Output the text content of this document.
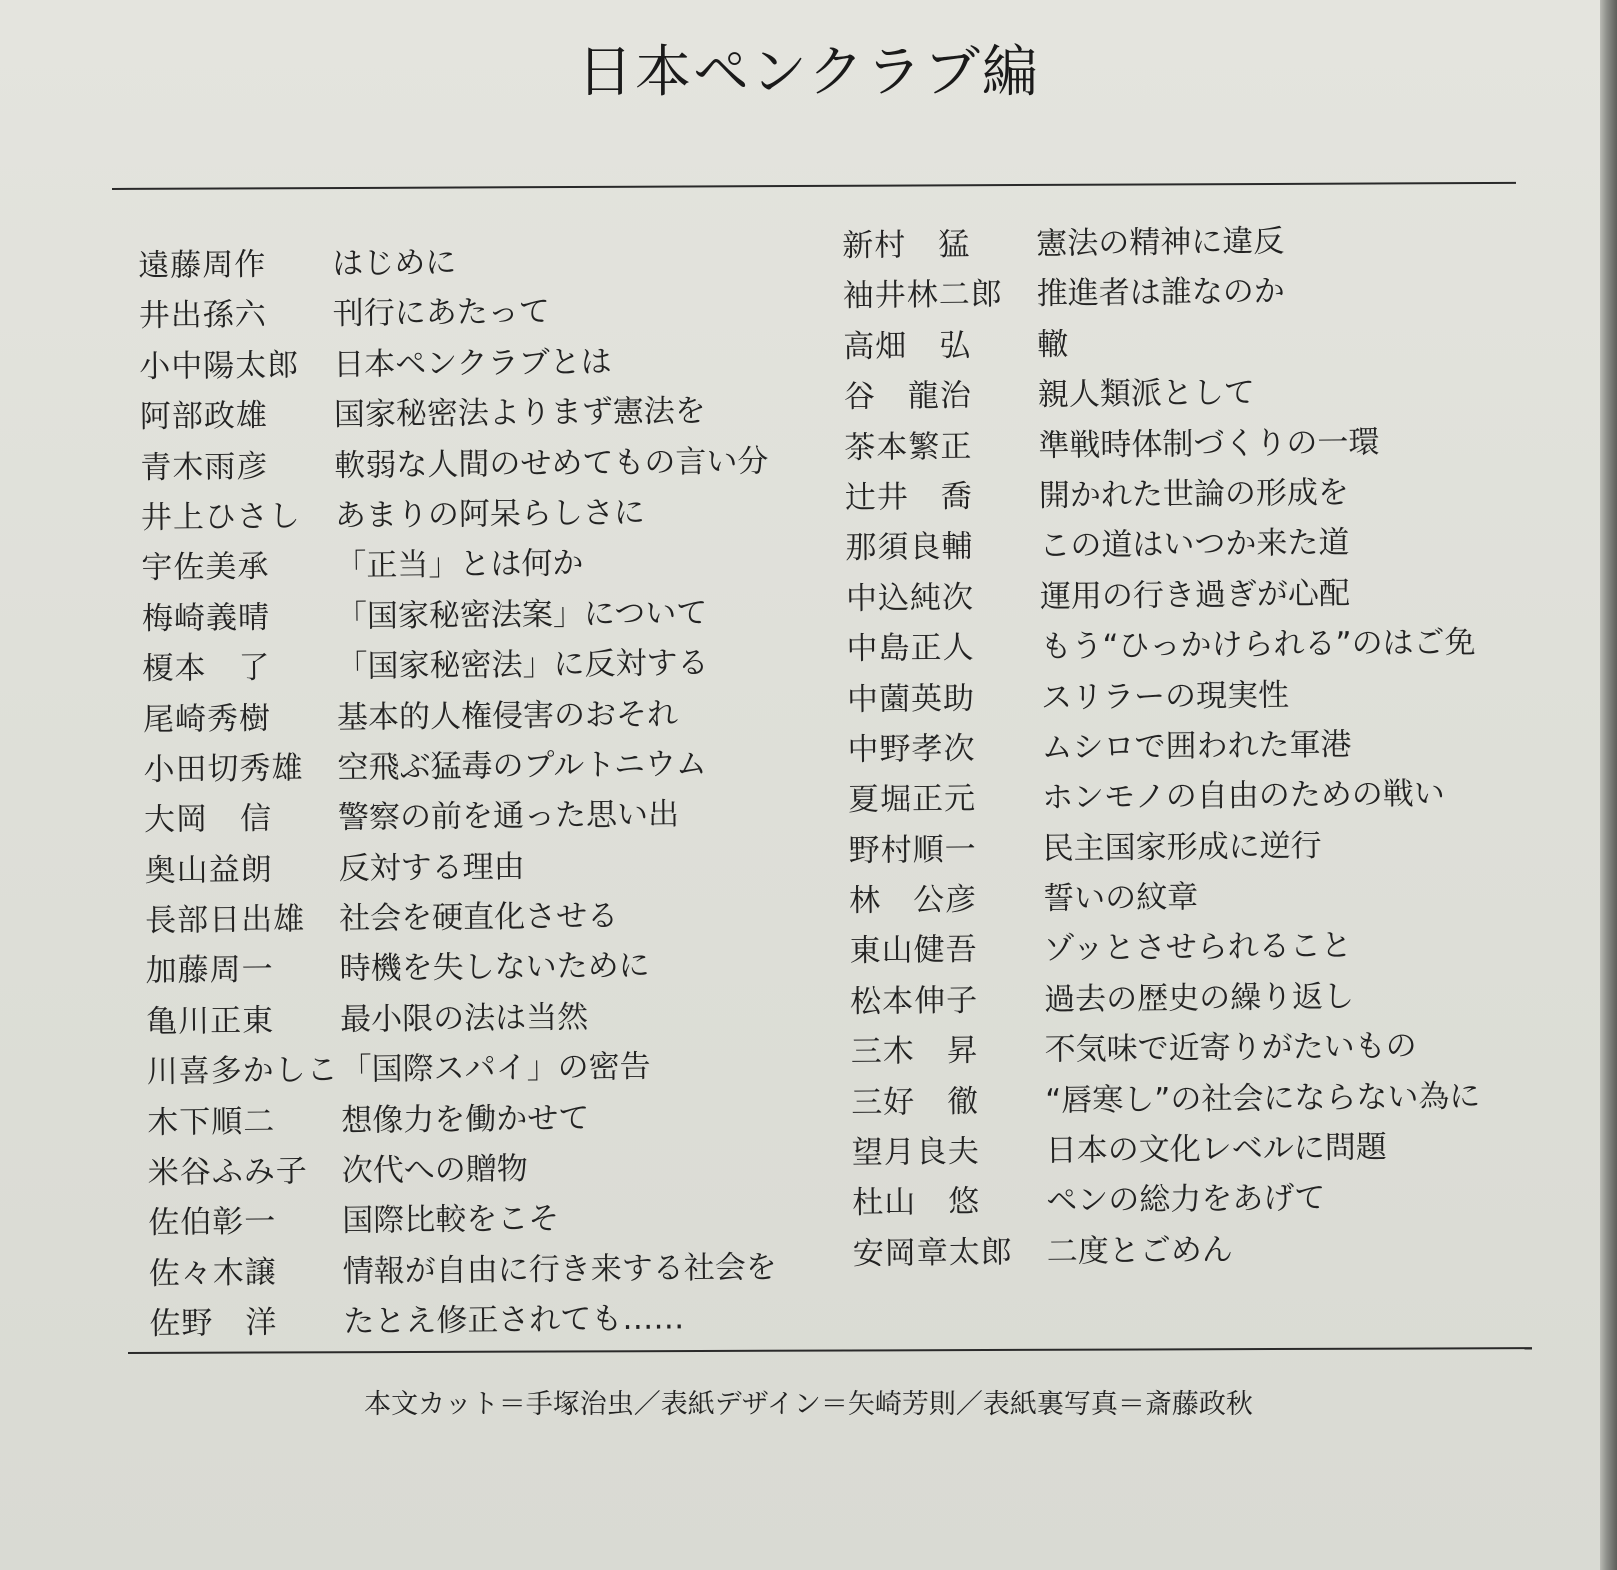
日本ペンクラブ編
遠藤周作	はじめに
井出孫六	刊行にあたって
小中陽太郎 日本ペンクラブとは
阿部政雄	国家秘密法よりまず憲法を
青木雨彦	軟弱な人間のせめてもの言い分
井上ひさし あまりの阿呆らしさに
宇佐美承	「正当」とは何か
梅崎義晴	「国家秘密法案」について
榎本　了	「国家秘密法」に反対する
尾崎秀樹	基本的人権侵害のおそれ
小田切秀雄 空飛ぶ猛毒のプルトニウム
大岡　信	警察の前を通った思い出
奥山益朗	反対する理由
長部日出雄 社会を硬直化させる
加藤周一	時機を失しないために
亀川正東	最小限の法は当然
川喜多かしこ 「国際スパイ」の密告
木下順二	想像力を働かせて
米谷ふみ子 次代への贈物
佐伯彰一	国際比較をこそ
佐々木譲	情報が自由に行き来する社会を
佐野　洋	たとえ修正されても……
新村　猛	憲法の精神に違反
袖井林二郎 推進者は誰なのか
高畑　弘	轍
谷　龍治	親人類派として
茶本繁正	準戦時体制づくりの一環
辻井　喬	開かれた世論の形成を
那須良輔	この道はいつか来た道
中込純次	運用の行き過ぎが心配
中島正人	もう“ひっかけられる”のはご免
中薗英助	スリラーの現実性
中野孝次	ムシロで囲われた軍港
夏堀正元	ホンモノの自由のための戦い
野村順一	民主国家形成に逆行
林　公彦	誓いの紋章
東山健吾	ゾッとさせられること
松本伸子	過去の歴史の繰り返し
三木　昇	不気味で近寄りがたいもの
三好　徹	“唇寒し”の社会にならない為に
望月良夫	日本の文化レベルに問題
杜山　悠	ペンの総力をあげて
安岡章太郎 二度とごめん
本文カット＝手塚治虫／表紙デザイン＝矢崎芳則／表紙裏写真＝斎藤政秋
